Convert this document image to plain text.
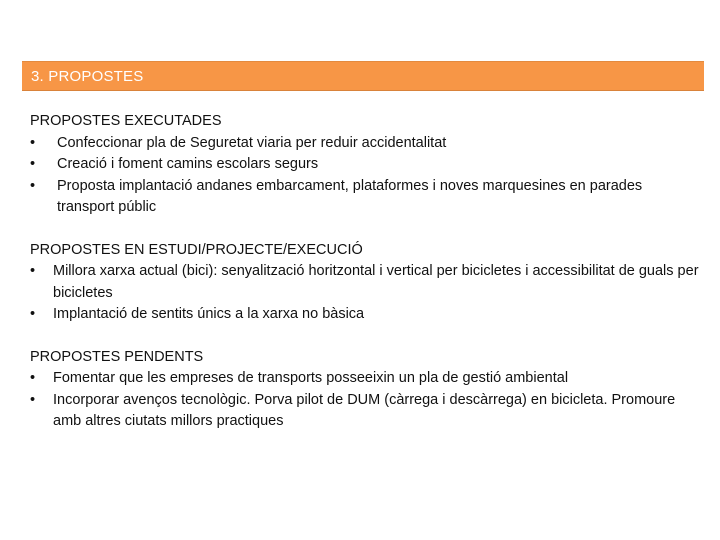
3. PROPOSTES
PROPOSTES EXECUTADES
• Confeccionar pla de Seguretat viaria per reduir accidentalitat
• Creació i foment camins escolars segurs
• Proposta implantació andanes embarcament, plataformes i noves marquesines en parades transport públic
PROPOSTES EN ESTUDI/PROJECTE/EXECUCIÓ
• Millora xarxa actual (bici): senyalització horitzontal i vertical per bicicletes i accessibilitat de guals per bicicletes
• Implantació de sentits únics a la xarxa no bàsica
PROPOSTES PENDENTS
• Fomentar que les empreses de transports posseeixin un pla de gestió ambiental
• Incorporar avenços tecnològic. Porva pilot de DUM (càrrega i descàrrega) en bicicleta. Promoure amb altres ciutats millors practiques
